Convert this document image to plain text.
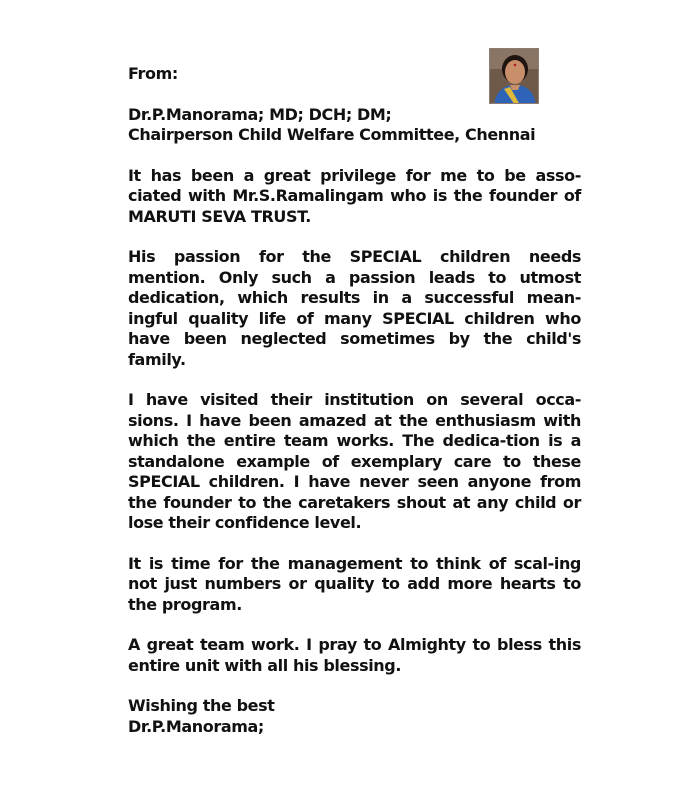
From:

Dr.P.Manorama; MD; DCH; DM;
Chairperson Child Welfare Committee, Chennai

It has been a great privilege for me to be asso-ciated with Mr.S.Ramalingam who is the founder of MARUTI SEVA TRUST.

His passion for the SPECIAL children needs mention. Only such a passion leads to utmost dedication, which results in a successful mean-ingful quality life of many SPECIAL children who have been neglected sometimes by the child's family.

I have visited their institution on several occa-sions. I have been amazed at the enthusiasm with which the entire team works. The dedica-tion is a standalone example of exemplary care to these SPECIAL children. I have never seen anyone from the founder to the caretakers shout at any child or lose their confidence level.

It is time for the management to think of scal-ing not just numbers or quality to add more hearts to the program.

A great team work. I pray to Almighty to bless this entire unit with all his blessing.

Wishing the best
Dr.P.Manorama;
